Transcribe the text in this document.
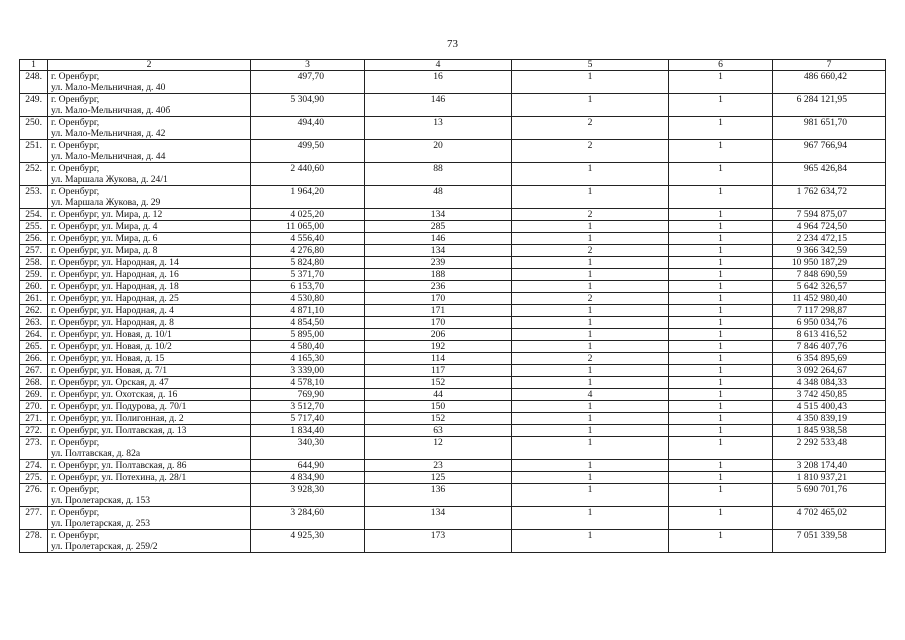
73
1	2	3	4	5	6	7
248.	г. Оренбург,
ул. Мало-Мельничная, д. 40	497,70	16	1	1	486 660,42
249.	г. Оренбург,
ул. Мало-Мельничная, д. 40б	5 304,90	146	1	1	6 284 121,95
250.	г. Оренбург,
ул. Мало-Мельничная, д. 42	494,40	13	2	1	981 651,70
251.	г. Оренбург,
ул. Мало-Мельничная, д. 44	499,50	20	2	1	967 766,94
252.	г. Оренбург,
ул. Маршала Жукова, д. 24/1	2 440,60	88	1	1	965 426,84
253.	г. Оренбург,
ул. Маршала Жукова, д. 29	1 964,20	48	1	1	1 762 634,72
254.	г. Оренбург, ул. Мира, д. 12	4 025,20	134	2	1	7 594 875,07
255.	г. Оренбург, ул. Мира, д. 4	11 065,00	285	1	1	4 964 724,50
256.	г. Оренбург, ул. Мира, д. 6	4 556,40	146	1	1	2 234 472,15
257.	г. Оренбург, ул. Мира, д. 8	4 276,80	134	2	1	9 366 342,59
258.	г. Оренбург, ул. Народная, д. 14	5 824,80	239	1	1	10 950 187,29
259.	г. Оренбург, ул. Народная, д. 16	5 371,70	188	1	1	7 848 690,59
260.	г. Оренбург, ул. Народная, д. 18	6 153,70	236	1	1	5 642 326,57
261.	г. Оренбург, ул. Народная, д. 25	4 530,80	170	2	1	11 452 980,40
262.	г. Оренбург, ул. Народная, д. 4	4 871,10	171	1	1	7 117 298,87
263.	г. Оренбург, ул. Народная, д. 8	4 854,50	170	1	1	6 950 034,76
264.	г. Оренбург, ул. Новая, д. 10/1	5 895,00	206	1	1	8 613 416,52
265.	г. Оренбург, ул. Новая, д. 10/2	4 580,40	192	1	1	7 846 407,76
266.	г. Оренбург, ул. Новая, д. 15	4 165,30	114	2	1	6 354 895,69
267.	г. Оренбург, ул. Новая, д. 7/1	3 339,00	117	1	1	3 092 264,67
268.	г. Оренбург, ул. Орская, д. 47	4 578,10	152	1	1	4 348 084,33
269.	г. Оренбург, ул. Охотская, д. 16	769,90	44	4	1	3 742 450,85
270.	г. Оренбург, ул. Подурова, д. 70/1	3 512,70	150	1	1	4 515 400,43
271.	г. Оренбург, ул. Полигонная, д. 2	5 717,40	152	1	1	4 350 839,19
272.	г. Оренбург, ул. Полтавская, д. 13	1 834,40	63	1	1	1 845 938,58
273.	г. Оренбург,
ул. Полтавская, д. 82а	340,30	12	1	1	2 292 533,48
274.	г. Оренбург, ул. Полтавская, д. 86	644,90	23	1	1	3 208 174,40
275.	г. Оренбург, ул. Потехина, д. 28/1	4 834,90	125	1	1	1 810 937,21
276.	г. Оренбург,
ул. Пролетарская, д. 153	3 928,30	136	1	1	5 690 701,76
277.	г. Оренбург,
ул. Пролетарская, д. 253	3 284,60	134	1	1	4 702 465,02
278.	г. Оренбург,
ул. Пролетарская, д. 259/2	4 925,30	173	1	1	7 051 339,58
